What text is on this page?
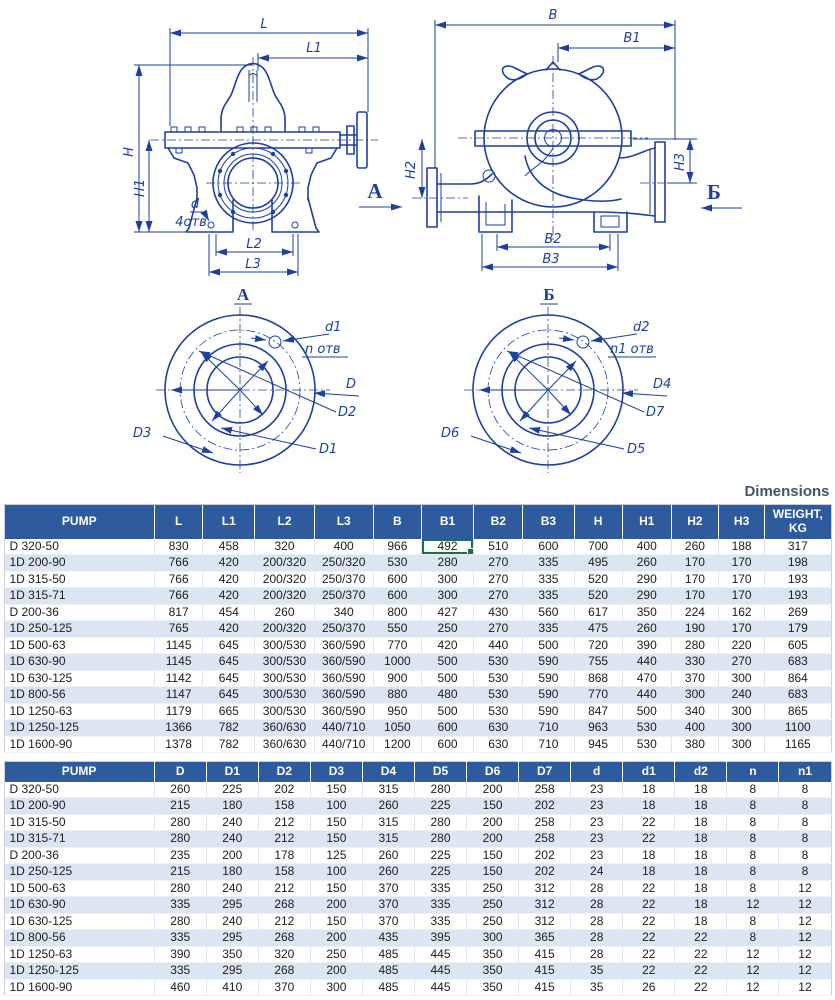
L
L1
H
H1
d
4отв
L2
L3
B
B1
H2	H3
B2
B3
А	Б
А
d1
n отв
D
D2
D1
D3
Б
d2
n1 отв
D4
D7
D5
D6
Dimensions
PUMP	L	L1	L2	L3	B	B1	B2	B3	H	H1	H2	H3	WEIGHT, KG
D 320-50	830	458	320	400	966	492	510	600	700	400	260	188	317
1D 200-90	766	420	200/320	250/320	530	280	270	335	495	260	170	170	198
1D 315-50	766	420	200/320	250/370	600	300	270	335	520	290	170	170	193
1D 315-71	766	420	200/320	250/370	600	300	270	335	520	290	170	170	193
D 200-36	817	454	260	340	800	427	430	560	617	350	224	162	269
1D 250-125	765	420	200/320	250/370	550	250	270	335	475	260	190	170	179
1D 500-63	1145	645	300/530	360/590	770	420	440	500	720	390	280	220	605
1D 630-90	1145	645	300/530	360/590	1000	500	530	590	755	440	330	270	683
1D 630-125	1142	645	300/530	360/590	900	500	530	590	868	470	370	300	864
1D 800-56	1147	645	300/530	360/590	880	480	530	590	770	440	300	240	683
1D 1250-63	1179	665	300/530	360/590	950	500	530	590	847	500	340	300	865
1D 1250-125	1366	782	360/630	440/710	1050	600	630	710	963	530	400	300	1100
1D 1600-90	1378	782	360/630	440/710	1200	600	630	710	945	530	380	300	1165
PUMP	D	D1	D2	D3	D4	D5	D6	D7	d	d1	d2	n	n1
D 320-50	260	225	202	150	315	280	200	258	23	18	18	8	8
1D 200-90	215	180	158	100	260	225	150	202	23	18	18	8	8
1D 315-50	280	240	212	150	315	280	200	258	23	22	18	8	8
1D 315-71	280	240	212	150	315	280	200	258	23	22	18	8	8
D 200-36	235	200	178	125	260	225	150	202	23	18	18	8	8
1D 250-125	215	180	158	100	260	225	150	202	24	18	18	8	8
1D 500-63	280	240	212	150	370	335	250	312	28	22	18	8	12
1D 630-90	335	295	268	200	370	335	250	312	28	22	18	12	12
1D 630-125	280	240	212	150	370	335	250	312	28	22	18	8	12
1D 800-56	335	295	268	200	435	395	300	365	28	22	22	8	12
1D 1250-63	390	350	320	250	485	445	350	415	28	22	22	12	12
1D 1250-125	335	295	268	200	485	445	350	415	35	22	22	12	12
1D 1600-90	460	410	370	300	485	445	350	415	35	26	22	12	12
